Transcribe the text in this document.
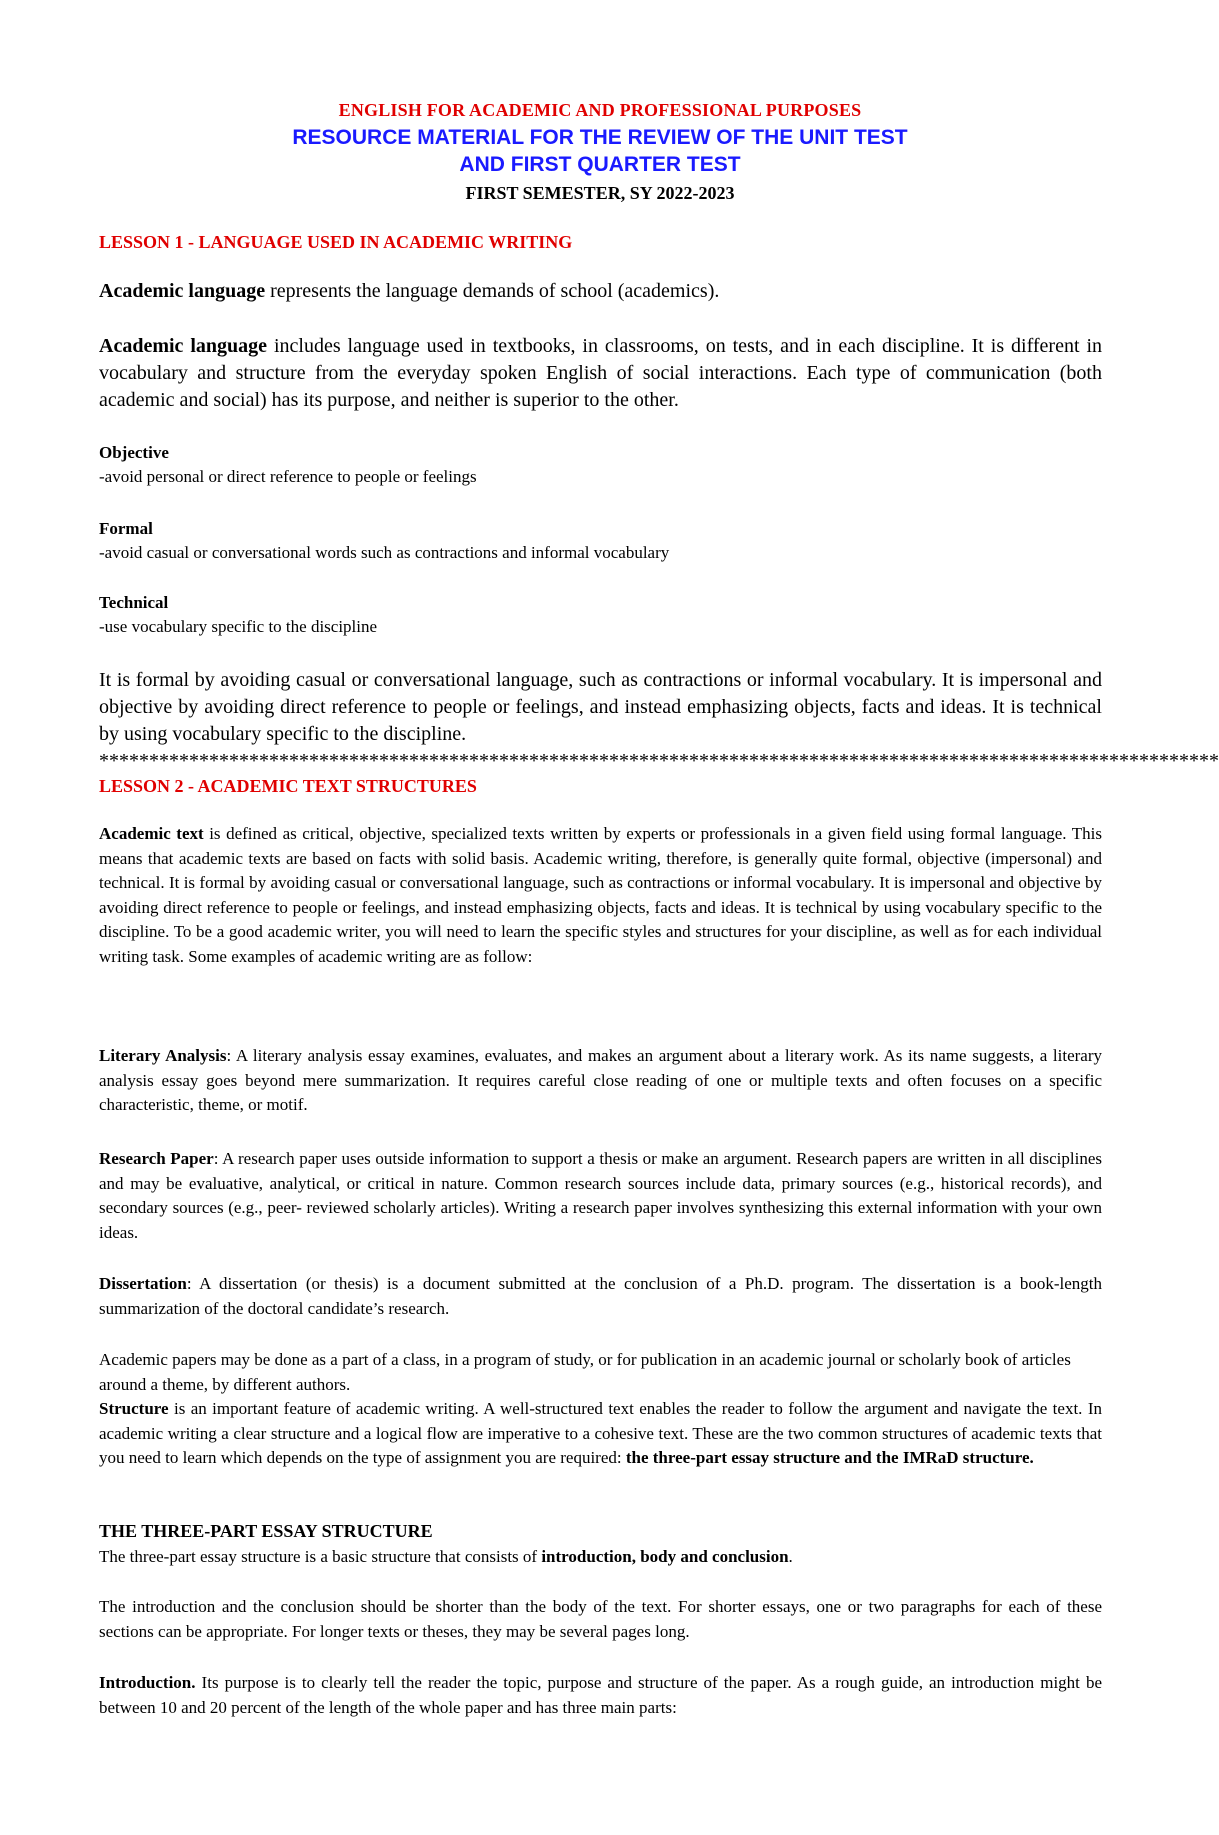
ENGLISH FOR ACADEMIC AND PROFESSIONAL PURPOSES
RESOURCE MATERIAL FOR THE REVIEW OF THE UNIT TEST
AND FIRST QUARTER TEST
FIRST SEMESTER, SY 2022-2023
LESSON 1 - LANGUAGE USED IN ACADEMIC WRITING

Academic language represents the language demands of school (academics).

Academic language includes language used in textbooks, in classrooms, on tests, and in each discipline. It is different in vocabulary and structure from the everyday spoken English of social interactions. Each type of communication (both academic and social) has its purpose, and neither is superior to the other.

Objective
-avoid personal or direct reference to people or feelings
Formal
-avoid casual or conversational words such as contractions and informal vocabulary
Technical
-use vocabulary specific to the discipline

It is formal by avoiding casual or conversational language, such as contractions or informal vocabulary. It is impersonal and objective by avoiding direct reference to people or feelings, and instead emphasizing objects, facts and ideas. It is technical by using vocabulary specific to the discipline.

****************************************************************************************************************
LESSON 2 - ACADEMIC TEXT STRUCTURES

Academic text is defined as critical, objective, specialized texts written by experts or professionals in a given field using formal language. This means that academic texts are based on facts with solid basis. Academic writing, therefore, is generally quite formal, objective (impersonal) and technical. It is formal by avoiding casual or conversational language, such as contractions or informal vocabulary. It is impersonal and objective by avoiding direct reference to people or feelings, and instead emphasizing objects, facts and ideas. It is technical by using vocabulary specific to the discipline. To be a good academic writer, you will need to learn the specific styles and structures for your discipline, as well as for each individual writing task. Some examples of academic writing are as follow:

Literary Analysis: A literary analysis essay examines, evaluates, and makes an argument about a literary work. As its name suggests, a literary analysis essay goes beyond mere summarization. It requires careful close reading of one or multiple texts and often focuses on a specific characteristic, theme, or motif.

Research Paper: A research paper uses outside information to support a thesis or make an argument. Research papers are written in all disciplines and may be evaluative, analytical, or critical in nature. Common research sources include data, primary sources (e.g., historical records), and secondary sources (e.g., peer- reviewed scholarly articles). Writing a research paper involves synthesizing this external information with your own ideas.

Dissertation: A dissertation (or thesis) is a document submitted at the conclusion of a Ph.D. program. The dissertation is a book-length summarization of the doctoral candidate’s research.

Academic papers may be done as a part of a class, in a program of study, or for publication in an academic journal or scholarly book of articles around a theme, by different authors.

Structure is an important feature of academic writing. A well-structured text enables the reader to follow the argument and navigate the text. In academic writing a clear structure and a logical flow are imperative to a cohesive text. These are the two common structures of academic texts that you need to learn which depends on the type of assignment you are required: the three-part essay structure and the IMRaD structure.

THE THREE-PART ESSAY STRUCTURE

The three-part essay structure is a basic structure that consists of introduction, body and conclusion.

The introduction and the conclusion should be shorter than the body of the text. For shorter essays, one or two paragraphs for each of these sections can be appropriate. For longer texts or theses, they may be several pages long.

Introduction. Its purpose is to clearly tell the reader the topic, purpose and structure of the paper. As a rough guide, an introduction might be between 10 and 20 percent of the length of the whole paper and has three main parts:
